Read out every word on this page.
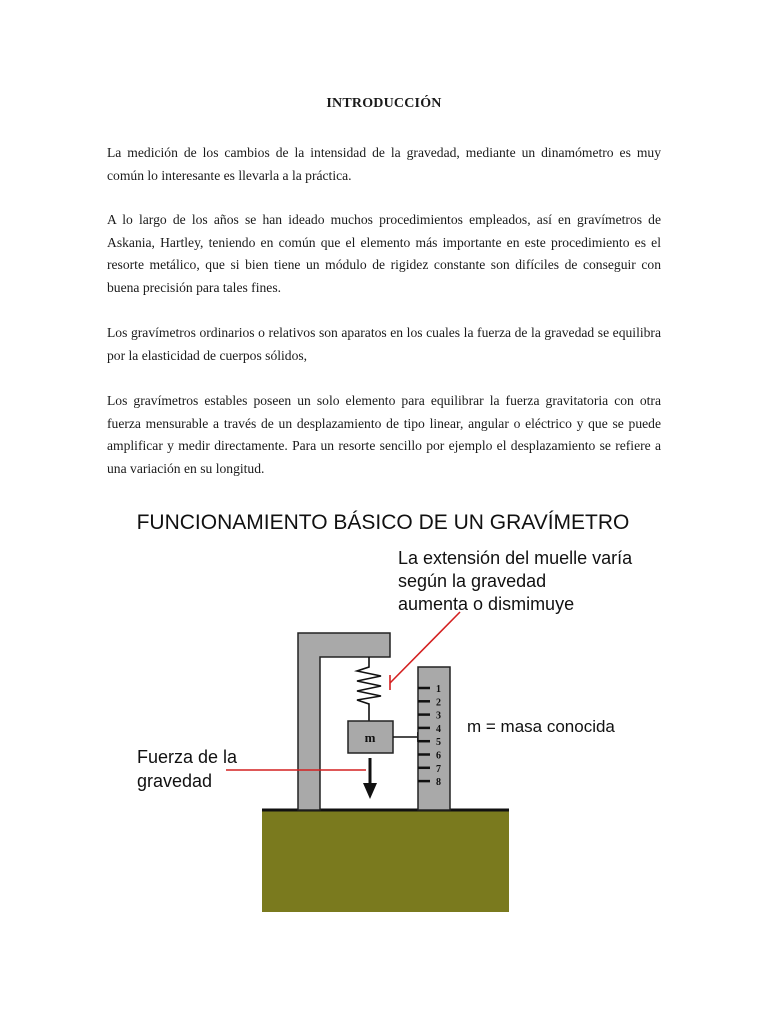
INTRODUCCIÓN

La medición de los cambios de la intensidad de la gravedad, mediante un dinamómetro es muy común lo interesante es llevarla a la práctica.

A lo largo de los años se han ideado muchos procedimientos empleados, así en gravímetros de Askania, Hartley, teniendo en común que el elemento más importante en este procedimiento es el resorte metálico, que si bien tiene un módulo de rigidez constante son difíciles de conseguir con buena precisión para tales fines.

Los gravímetros ordinarios o relativos son aparatos en los cuales la fuerza de la gravedad se equilibra por la elasticidad de cuerpos sólidos,

Los gravímetros estables poseen un solo elemento para equilibrar la fuerza gravitatoria con otra fuerza mensurable a través de un desplazamiento de tipo linear, angular o eléctrico y que se puede amplificar y medir directamente. Para un resorte sencillo por ejemplo el desplazamiento se refiere a una variación en su longitud.

FUNCIONAMIENTO BÁSICO DE UN GRAVÍMETRO
La extensión del muelle varía
según la gravedad
aumenta o dismimuye
m
1
2
3
4
5
6
7
8
m = masa conocida
Fuerza de la
gravedad
